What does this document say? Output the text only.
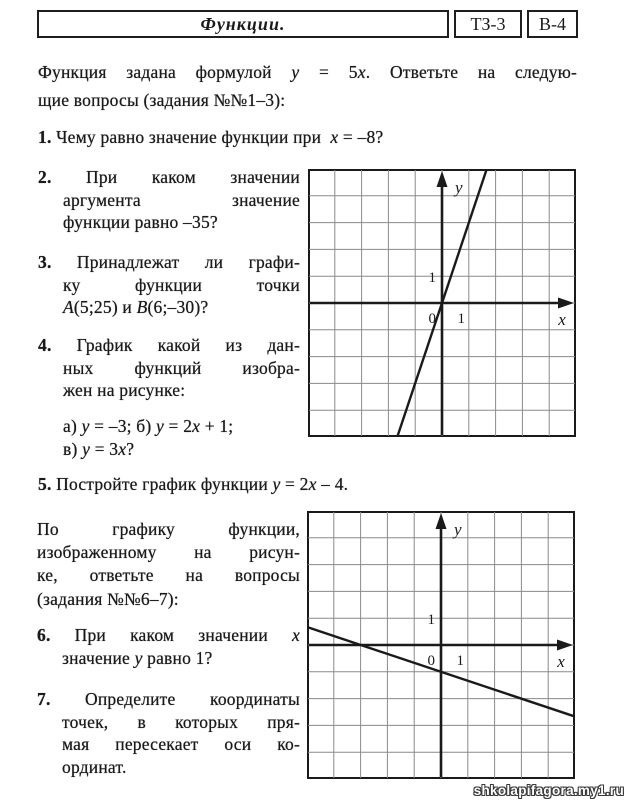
Функции.	ТЗ-3	В-4
Функция задана формулой y = 5x. Ответьте на следую-
щие вопросы (задания №№1–3):
1. Чему равно значение функции при  x = –8?
2. При каком значении
аргумента значение
функции равно –35?
3. Принадлежат ли графи-
ку функции точки
A(5;25) и B(6;–30)?
4. График какой из дан-
ных функций изобра-
жен на рисунке:
а) y = –3; б) y = 2x + 1;
в) y = 3x?
5. Постройте график функции y = 2x – 4.
По графику функции,
изображенному на рисун-
ке, ответьте на вопросы
(задания №№6–7):
6. При каком значении x
значение y равно 1?
7. Определите координаты
точек, в которых пря-
мая пересекает оси ко-
ординат.
y
x
0 1
1
y
x
0 1
1
shkolapifagora.my1.ru
